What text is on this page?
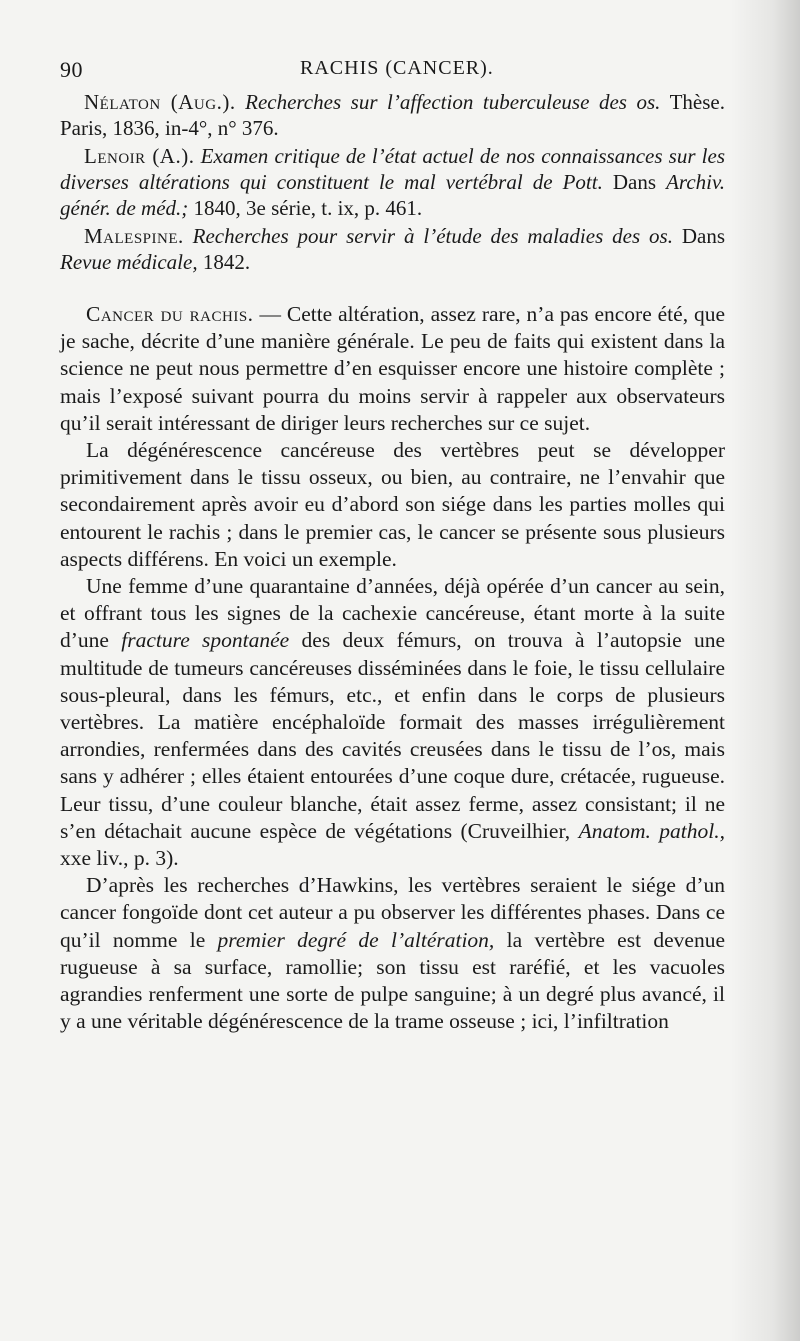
90	RACHIS (CANCER).

Nélaton (Aug.). Recherches sur l’affection tuberculeuse des os. Thèse. Paris, 1836, in-4°, n° 376.

Lenoir (A.). Examen critique de l’état actuel de nos connaissances sur les diverses altérations qui constituent le mal vertébral de Pott. Dans Archiv. génér. de méd.; 1840, 3e série, t. ix, p. 461.

Malespine. Recherches pour servir à l’étude des maladies des os. Dans Revue médicale, 1842.

Cancer du rachis. — Cette altération, assez rare, n’a pas encore été, que je sache, décrite d’une manière générale. Le peu de faits qui existent dans la science ne peut nous permettre d’en esquisser encore une histoire complète ; mais l’exposé suivant pourra du moins servir à rappeler aux observateurs qu’il serait intéressant de diriger leurs recherches sur ce sujet.

La dégénérescence cancéreuse des vertèbres peut se développer primitivement dans le tissu osseux, ou bien, au contraire, ne l’envahir que secondairement après avoir eu d’abord son siége dans les parties molles qui entourent le rachis ; dans le premier cas, le cancer se présente sous plusieurs aspects différens. En voici un exemple.

Une femme d’une quarantaine d’années, déjà opérée d’un cancer au sein, et offrant tous les signes de la cachexie cancéreuse, étant morte à la suite d’une fracture spontanée des deux fémurs, on trouva à l’autopsie une multitude de tumeurs cancéreuses disséminées dans le foie, le tissu cellulaire sous-pleural, dans les fémurs, etc., et enfin dans le corps de plusieurs vertèbres. La matière encéphaloïde formait des masses irrégulièrement arrondies, renfermées dans des cavités creusées dans le tissu de l’os, mais sans y adhérer ; elles étaient entourées d’une coque dure, crétacée, rugueuse. Leur tissu, d’une couleur blanche, était assez ferme, assez consistant; il ne s’en détachait aucune espèce de végétations (Cruveilhier, Anatom. pathol., xxe liv., p. 3).

D’après les recherches d’Hawkins, les vertèbres seraient le siége d’un cancer fongoïde dont cet auteur a pu observer les différentes phases. Dans ce qu’il nomme le premier degré de l’altération, la vertèbre est devenue rugueuse à sa surface, ramollie; son tissu est raréfié, et les vacuoles agrandies renferment une sorte de pulpe sanguine; à un degré plus avancé, il y a une véritable dégénérescence de la trame osseuse ; ici, l’infiltration
